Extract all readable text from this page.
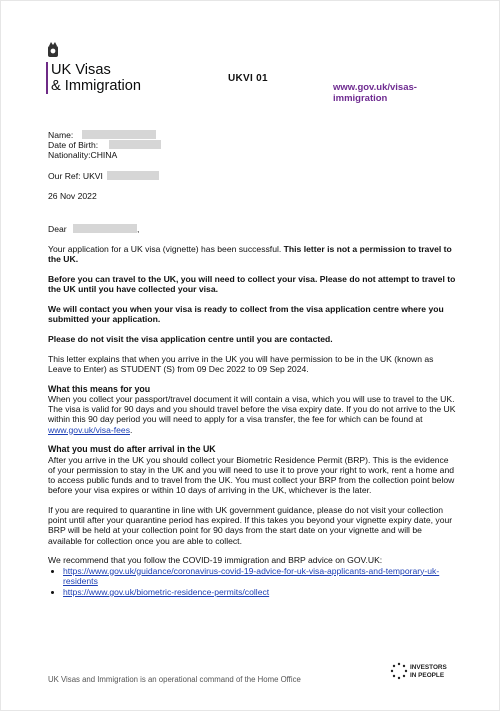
UK Visas
& Immigration	UKVI 01
www.gov.uk/visas-immigration
Name:
Date of Birth:
Nationality:CHINA
Our Ref: UKVI
26 Nov 2022
Dear	,

Your application for a UK visa (vignette) has been successful. This letter is not a permission to travel to the UK.

Before you can travel to the UK, you will need to collect your visa. Please do not attempt to travel to the UK until you have collected your visa.

We will contact you when your visa is ready to collect from the visa application centre where you submitted your application.

Please do not visit the visa application centre until you are contacted.

This letter explains that when you arrive in the UK you will have permission to be in the UK (known as Leave to Enter) as STUDENT (S) from 09 Dec 2022 to 09 Sep 2024.

What this means for you

When you collect your passport/travel document it will contain a visa, which you will use to travel to the UK. The visa is valid for 90 days and you should travel before the visa expiry date. If you do not arrive to the UK within this 90 day period you will need to apply for a visa transfer, the fee for which can be found at www.gov.uk/visa-fees.

What you must do after arrival in the UK

After you arrive in the UK you should collect your Biometric Residence Permit (BRP). This is the evidence of your permission to stay in the UK and you will need to use it to prove your right to work, rent a home and to access public funds and to travel from the UK. You must collect your BRP from the collection point below before your visa expires or within 10 days of arriving in the UK, whichever is the later.

If you are required to quarantine in line with UK government guidance, please do not visit your collection point until after your quarantine period has expired. If this takes you beyond your vignette expiry date, your BRP will be held at your collection point for 90 days from the start date on your vignette and will be available for collection once you are able to collect.

We recommend that you follow the COVID-19 immigration and BRP advice on GOV.UK:
• https://www.gov.uk/guidance/coronavirus-covid-19-advice-for-uk-visa-applicants-and-temporary-uk-residents
• https://www.gov.uk/biometric-residence-permits/collect
UK Visas and Immigration is an operational command of the Home Office
INVESTORS
IN PEOPLE
